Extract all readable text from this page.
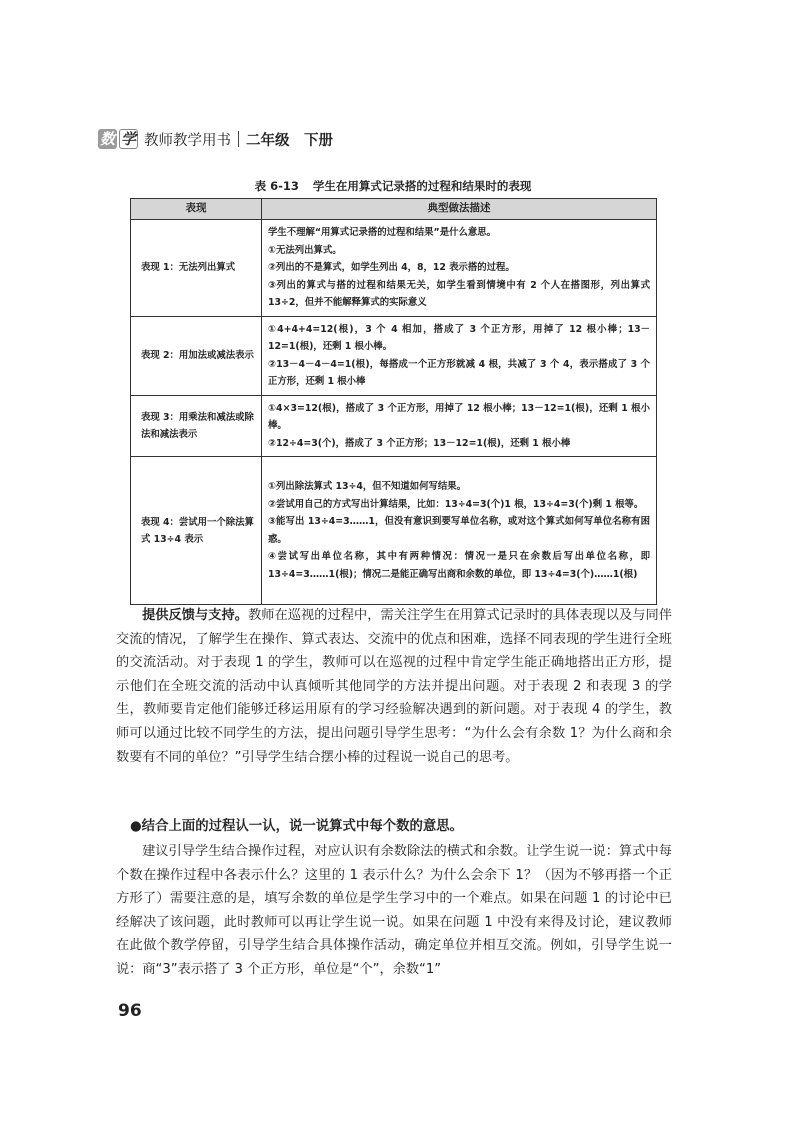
数 学 教师教学用书 二年级　下册
表 6-13 学生在用算式记录搭的过程和结果时的表现
表现	典型做法描述
表现 1：无法列出算式	学生不理解“用算式记录搭的过程和结果”是什么意思。
①无法列出算式。
②列出的不是算式，如学生列出 4，8，12 表示搭的过程。
③列出的算式与搭的过程和结果无关，如学生看到情境中有 2 个人在搭图形，列出算式 13÷2，但并不能解释算式的实际意义

表现 2：用加法或减法表示	①4+4+4=12(根)，3 个 4 相加，搭成了 3 个正方形，用掉了 12 根小棒；13－12=1(根)，还剩 1 根小棒。
②13－4－4－4=1(根)，每搭成一个正方形就减 4 根，共减了 3 个 4，表示搭成了 3 个正方形，还剩 1 根小棒

表现 3：用乘法和减法或除法和减法表示	①4×3=12(根)，搭成了 3 个正方形，用掉了 12 根小棒；13－12=1(根)，还剩 1 根小棒。
②12÷4=3(个)，搭成了 3 个正方形；13－12=1(根)，还剩 1 根小棒

表现 4：尝试用一个除法算式 13÷4 表示	①列出除法算式 13÷4，但不知道如何写结果。
②尝试用自己的方式写出计算结果，比如：13÷4=3(个)1 根，13÷4=3(个)剩 1 根等。
③能写出 13÷4=3……1，但没有意识到要写单位名称，或对这个算式如何写单位名称有困惑。
④尝试写出单位名称，其中有两种情况：情况一是只在余数后写出单位名称，即 13÷4=3……1(根)；情况二是能正确写出商和余数的单位，即 13÷4=3(个)……1(根)
提供反馈与支持。教师在巡视的过程中，需关注学生在用算式记录时的具体表现以及与同伴交流的情况，了解学生在操作、算式表达、交流中的优点和困难，选择不同表现的学生进行全班的交流活动。对于表现 1 的学生，教师可以在巡视的过程中肯定学生能正确地搭出正方形，提示他们在全班交流的活动中认真倾听其他同学的方法并提出问题。对于表现 2 和表现 3 的学生，教师要肯定他们能够迁移运用原有的学习经验解决遇到的新问题。对于表现 4 的学生，教师可以通过比较不同学生的方法，提出问题引导学生思考：“为什么会有余数 1？为什么商和余数要有不同的单位？”引导学生结合摆小棒的过程说一说自己的思考。
●结合上面的过程认一认，说一说算式中每个数的意思。
建议引导学生结合操作过程，对应认识有余数除法的横式和余数。让学生说一说：算式中每个数在操作过程中各表示什么？这里的 1 表示什么？为什么会余下 1？（因为不够再搭一个正方形了）需要注意的是，填写余数的单位是学生学习中的一个难点。如果在问题 1 的讨论中已经解决了该问题，此时教师可以再让学生说一说。如果在问题 1 中没有来得及讨论，建议教师在此做个教学停留，引导学生结合具体操作活动，确定单位并相互交流。例如，引导学生说一说：商“3”表示搭了 3 个正方形，单位是“个”，余数“1”
96
